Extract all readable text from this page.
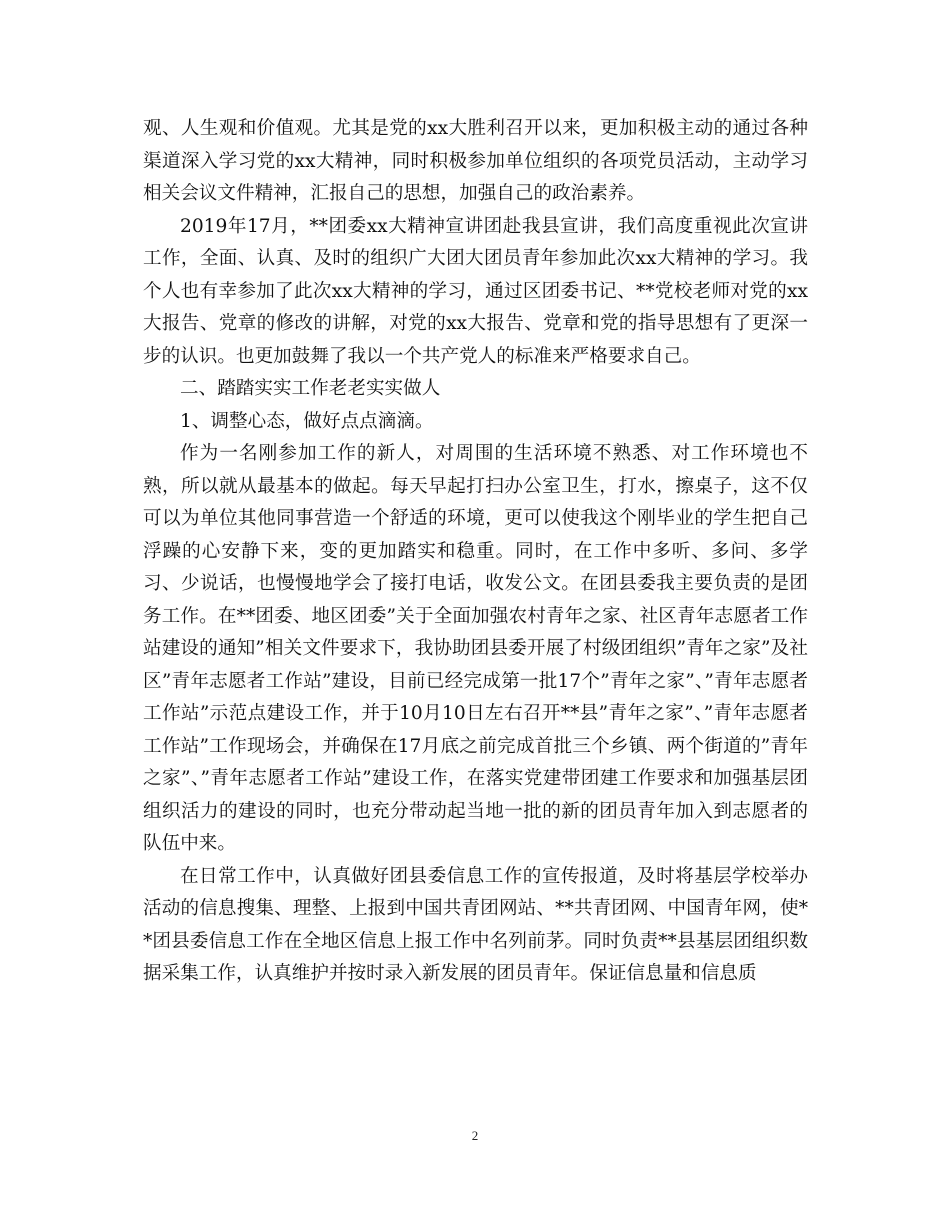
观、人生观和价值观。尤其是党的xx大胜利召开以来，更加积极主动的通过各种渠道深入学习党的xx大精神，同时积极参加单位组织的各项党员活动，主动学习相关会议文件精神，汇报自己的思想，加强自己的政治素养。

2019年17月，**团委xx大精神宣讲团赴我县宣讲，我们高度重视此次宣讲工作，全面、认真、及时的组织广大团大团员青年参加此次xx大精神的学习。我个人也有幸参加了此次xx大精神的学习，通过区团委书记、**党校老师对党的xx大报告、党章的修改的讲解，对党的xx大报告、党章和党的指导思想有了更深一步的认识。也更加鼓舞了我以一个共产党人的标准来严格要求自己。

二、踏踏实实工作老老实实做人

1、调整心态，做好点点滴滴。

作为一名刚参加工作的新人，对周围的生活环境不熟悉、对工作环境也不熟，所以就从最基本的做起。每天早起打扫办公室卫生，打水，擦桌子，这不仅可以为单位其他同事营造一个舒适的环境，更可以使我这个刚毕业的学生把自己浮躁的心安静下来，变的更加踏实和稳重。同时，在工作中多听、多问、多学习、少说话，也慢慢地学会了接打电话，收发公文。在团县委我主要负责的是团务工作。在**团委、地区团委”关于全面加强农村青年之家、社区青年志愿者工作站建设的通知”相关文件要求下，我协助团县委开展了村级团组织”青年之家”及社区”青年志愿者工作站”建设，目前已经完成第一批17个”青年之家”、”青年志愿者工作站”示范点建设工作，并于10月10日左右召开**县”青年之家”、”青年志愿者工作站”工作现场会，并确保在17月底之前完成首批三个乡镇、两个街道的”青年之家”、”青年志愿者工作站”建设工作，在落实党建带团建工作要求和加强基层团组织活力的建设的同时，也充分带动起当地一批的新的团员青年加入到志愿者的队伍中来。

在日常工作中，认真做好团县委信息工作的宣传报道，及时将基层学校举办活动的信息搜集、理整、上报到中国共青团网站、**共青团网、中国青年网，使**团县委信息工作在全地区信息上报工作中名列前茅。同时负责**县基层团组织数据采集工作，认真维护并按时录入新发展的团员青年。保证信息量和信息质

2
